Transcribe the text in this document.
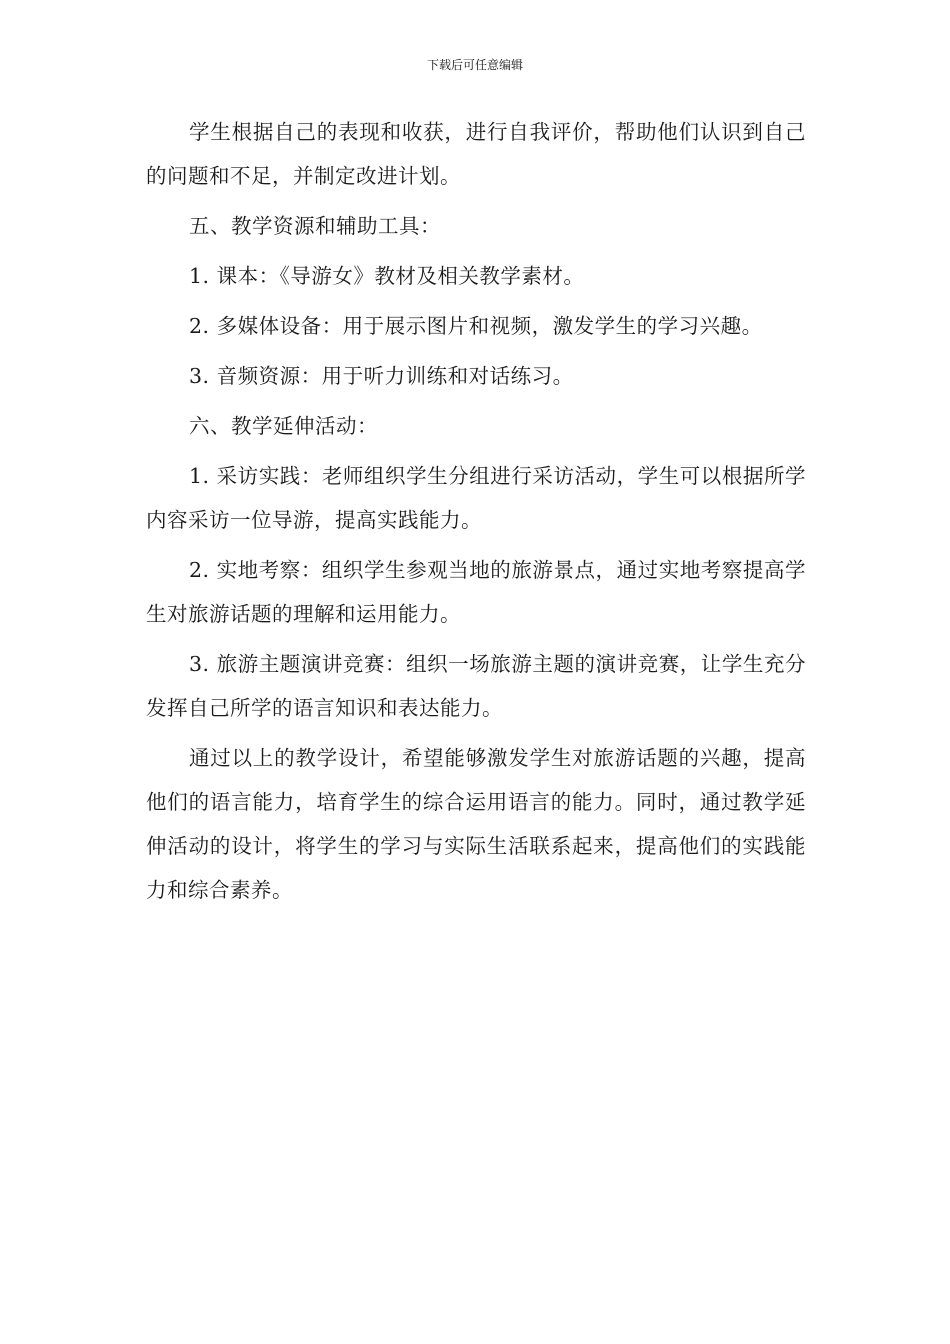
下载后可任意编辑

学生根据自己的表现和收获，进行自我评价，帮助他们认识到自己的问题和不足，并制定改进计划。

五、教学资源和辅助工具：

1. 课本：《导游女》教材及相关教学素材。

2. 多媒体设备：用于展示图片和视频，激发学生的学习兴趣。

3. 音频资源：用于听力训练和对话练习。

六、教学延伸活动：

1. 采访实践：老师组织学生分组进行采访活动，学生可以根据所学内容采访一位导游，提高实践能力。

2. 实地考察：组织学生参观当地的旅游景点，通过实地考察提高学生对旅游话题的理解和运用能力。

3. 旅游主题演讲竞赛：组织一场旅游主题的演讲竞赛，让学生充分发挥自己所学的语言知识和表达能力。

通过以上的教学设计，希望能够激发学生对旅游话题的兴趣，提高他们的语言能力，培育学生的综合运用语言的能力。同时，通过教学延伸活动的设计，将学生的学习与实际生活联系起来，提高他们的实践能力和综合素养。
